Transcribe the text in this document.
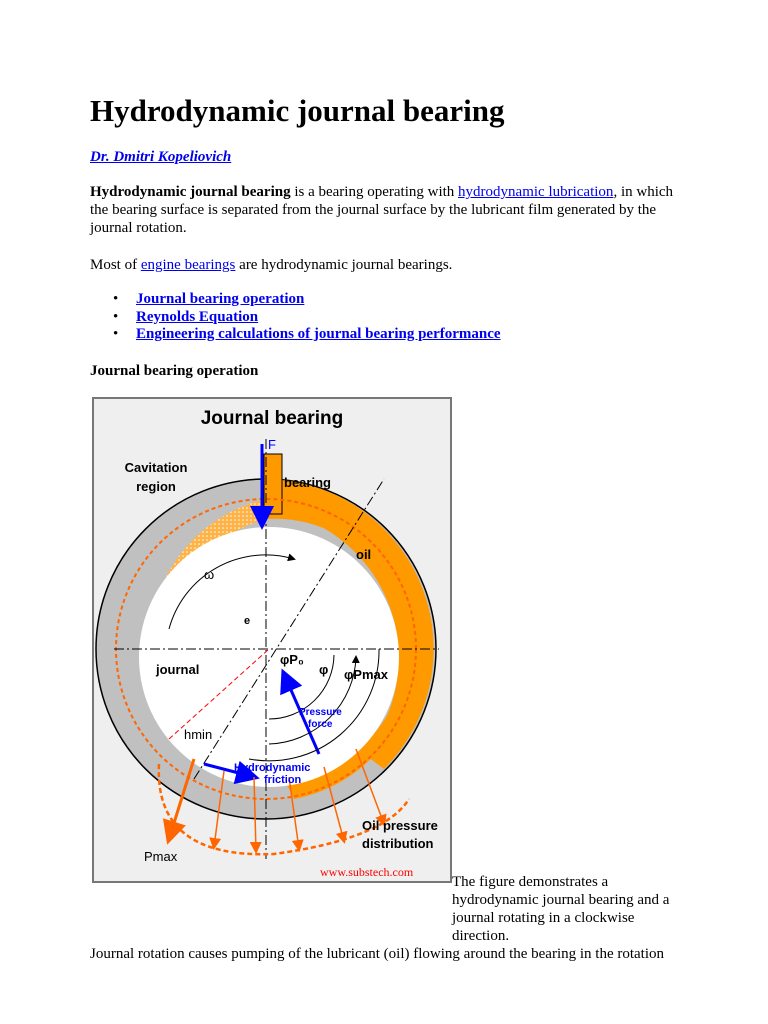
Hydrodynamic journal bearing
Dr. Dmitri Kopeliovich
Hydrodynamic journal bearing is a bearing operating with hydrodynamic lubrication, in which the bearing surface is separated from the journal surface by the lubricant film generated by the journal rotation.
Most of engine bearings are hydrodynamic journal bearings.
• Journal bearing operation
• Reynolds Equation
• Engineering calculations of journal bearing performance
Journal bearing operation
Journal bearing
F
Cavitation
region	bearing
oil
ω
e
journal
φP₀
φ φPmax
Pressure
force
hmin
Hydrodynamic
friction
Oil pressure
distribution
Pmax
www.substech.com
The figure demonstrates a hydrodynamic journal bearing and a journal rotating in a clockwise direction.
Journal rotation causes pumping of the lubricant (oil) flowing around the bearing in the rotation
